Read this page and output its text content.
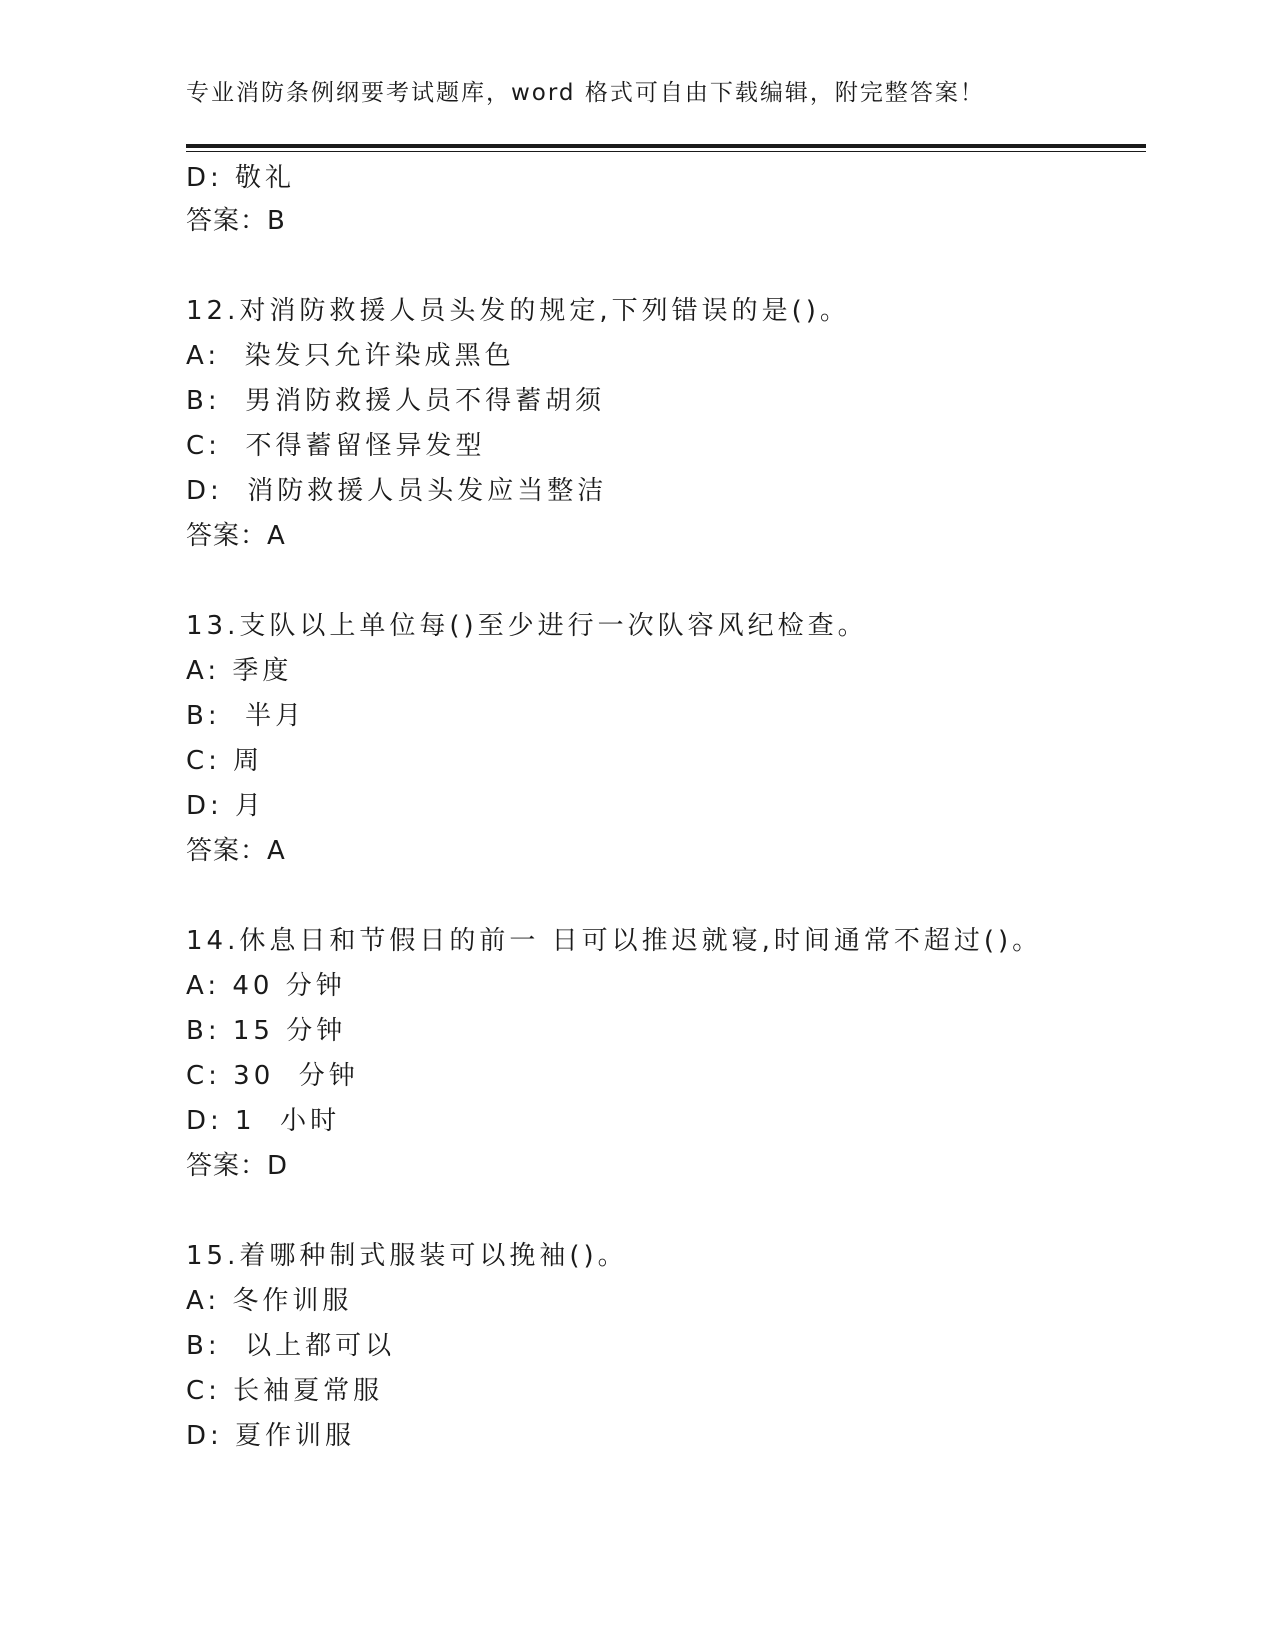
专业消防条例纲要考试题库，word 格式可自由下载编辑，附完整答案！
D: 敬礼
答案：B
12.对消防救援人员头发的规定,下列错误的是()。
A:  染发只允许染成黑色
B:  男消防救援人员不得蓄胡须
C:  不得蓄留怪异发型
D:  消防救援人员头发应当整洁
答案：A
13.支队以上单位每()至少进行一次队容风纪检查。
A: 季度
B:  半月
C: 周
D: 月
答案：A
14.休息日和节假日的前一 日可以推迟就寝,时间通常不超过()。
A: 40 分钟
B: 15 分钟
C: 30  分钟
D: 1  小时
答案：D
15.着哪种制式服装可以挽袖()。
A: 冬作训服
B:  以上都可以
C: 长袖夏常服
D: 夏作训服
